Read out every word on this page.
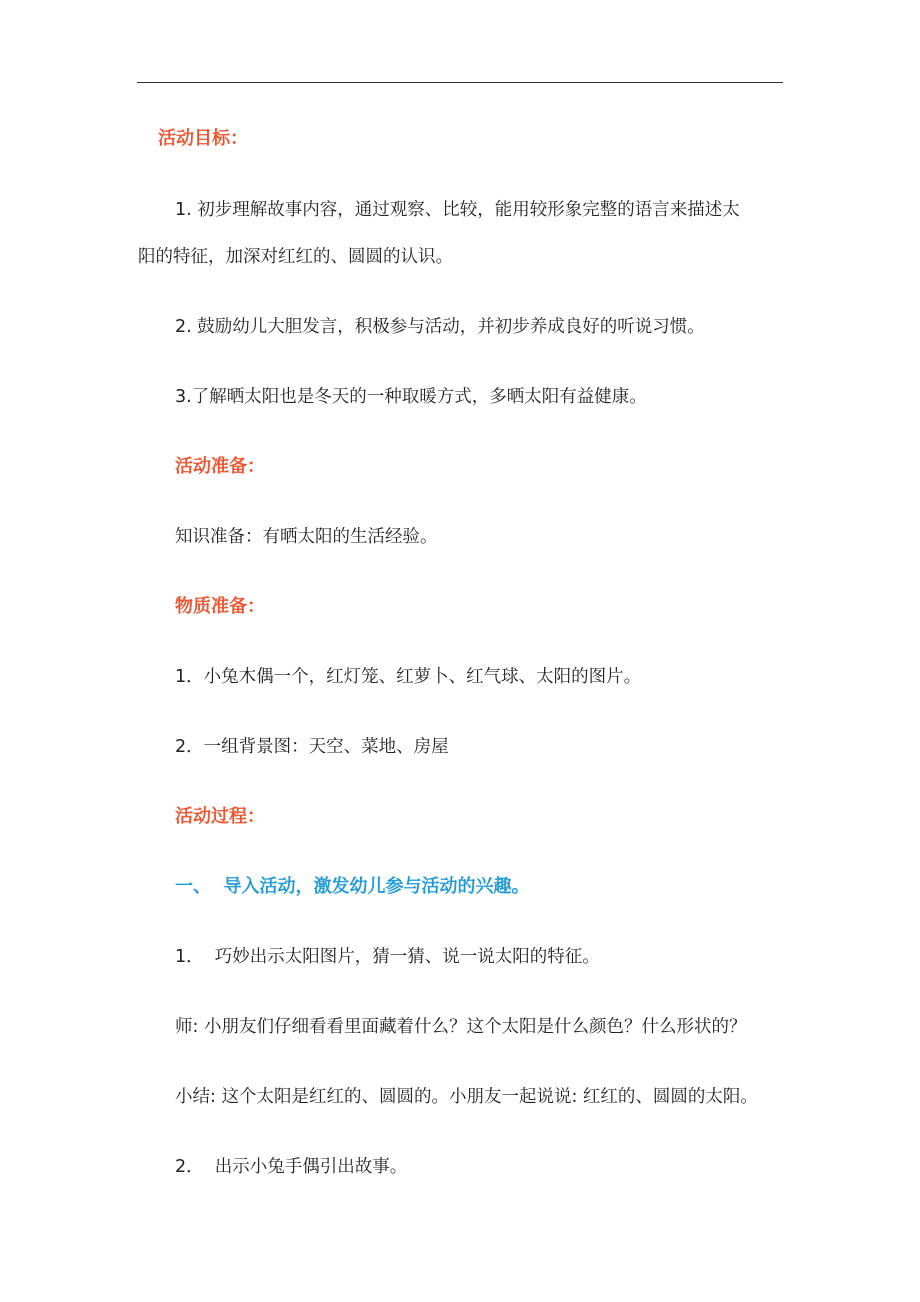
活动目标：
1. 初步理解故事内容，通过观察、比较，能用较形象完整的语言来描述太
阳的特征，加深对红红的、圆圆的认识。
2. 鼓励幼儿大胆发言，积极参与活动，并初步养成良好的听说习惯。
3.了解晒太阳也是冬天的一种取暖方式，多晒太阳有益健康。
活动准备：
知识准备：有晒太阳的生活经验。
物质准备：
1．小兔木偶一个，红灯笼、红萝卜、红气球、太阳的图片。
2．一组背景图：天空、菜地、房屋
活动过程：
一、  导入活动，激发幼儿参与活动的兴趣。
1．  巧妙出示太阳图片，猜一猜、说一说太阳的特征。
师: 小朋友们仔细看看里面藏着什么？这个太阳是什么颜色？什么形状的？
小结: 这个太阳是红红的、圆圆的。小朋友一起说说: 红红的、圆圆的太阳。
2．  出示小兔手偶引出故事。
